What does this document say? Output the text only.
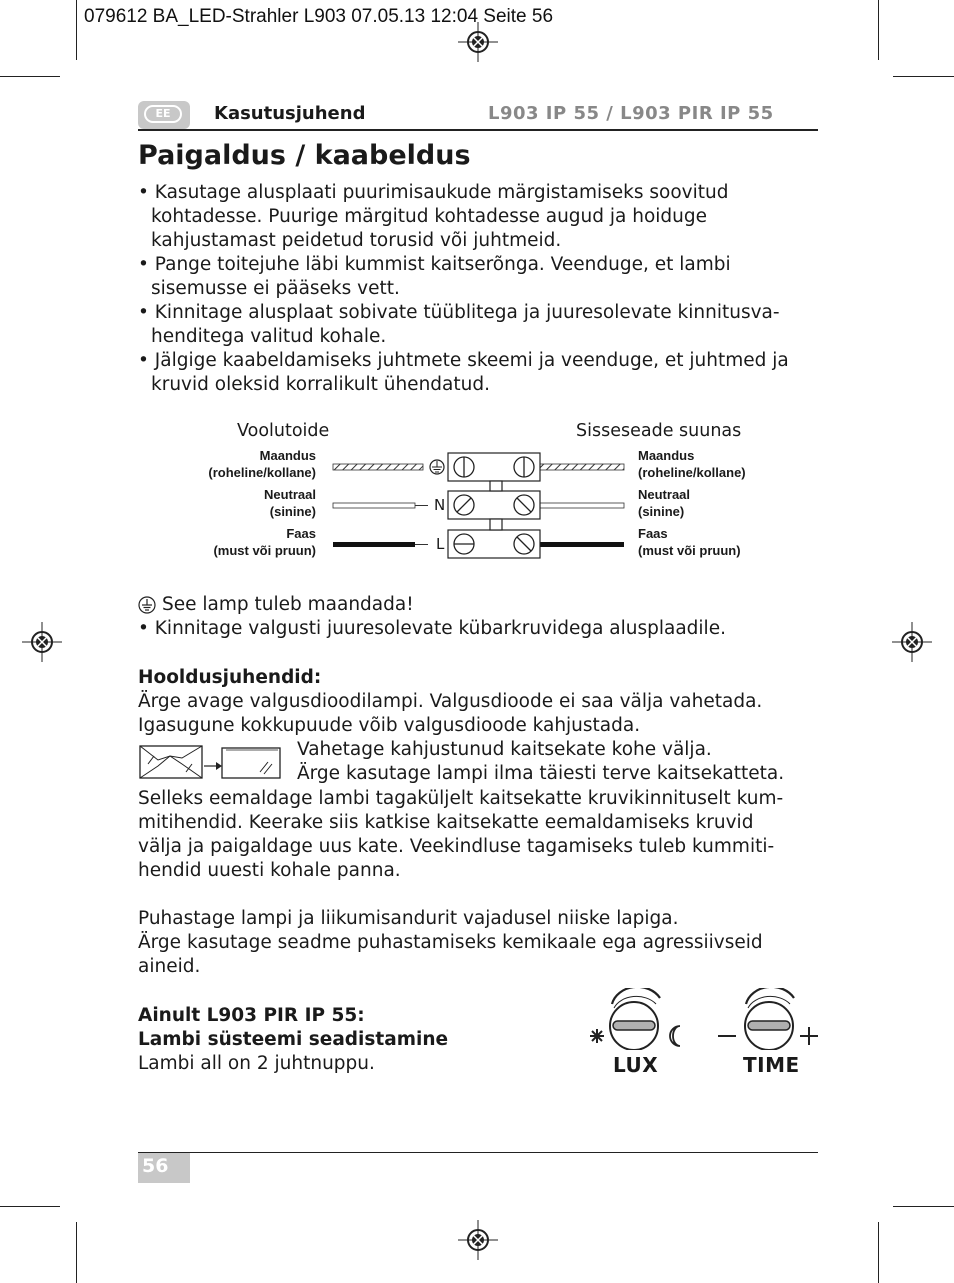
079612 BA_LED-Strahler L903 07.05.13 12:04 Seite 56
EE	Kasutusjuhend	L903 IP 55 / L903 PIR IP 55
Paigaldus / kaabeldus
• Kasutage alusplaati puurimisaukude märgistamiseks soovitud kohtadesse. Puurige märgitud kohtadesse augud ja hoiduge kahjustamast peidetud torusid või juhtmeid.
• Pange toitejuhe läbi kummist kaitserõnga. Veenduge, et lambi sisemusse ei pääseks vett.
• Kinnitage alusplaat sobivate tüüblitega ja juuresolevate kinnitusva-henditega valitud kohale.
• Jälgige kaabeldamiseks juhtmete skeemi ja veenduge, et juhtmed ja kruvid oleksid korralikult ühendatud.
Voolutoide	Sisseseade suunas
Maandus
(roheline/kollane)
Neutraal
(sinine)
Faas
(must või pruun)
Maandus
(roheline/kollane)
Neutraal
(sinine)
Faas
(must või pruun)
N
L
See lamp tuleb maandada!
• Kinnitage valgusti juuresolevate kübarkruvidega alusplaadile.
Hooldusjuhendid:
Ärge avage valgusdioodilampi. Valgusdioode ei saa välja vahetada.
Igasugune kokkupuude võib valgusdioode kahjustada.
Vahetage kahjustunud kaitsekate kohe välja.
Ärge kasutage lampi ilma täiesti terve kaitsekatteta.
Selleks eemaldage lambi tagaküljelt kaitsekatte kruvikinnituselt kum-
mitihendid. Keerake siis katkise kaitsekatte eemaldamiseks kruvid
välja ja paigaldage uus kate. Veekindluse tagamiseks tuleb kummiti-
hendid uuesti kohale panna.
Puhastage lampi ja liikumisandurit vajadusel niiske lapiga.
Ärge kasutage seadme puhastamiseks kemikaale ega agressiivseid
aineid.
Ainult L903 PIR IP 55:
Lambi süsteemi seadistamine
Lambi all on 2 juhtnuppu.	LUX	TIME
56
